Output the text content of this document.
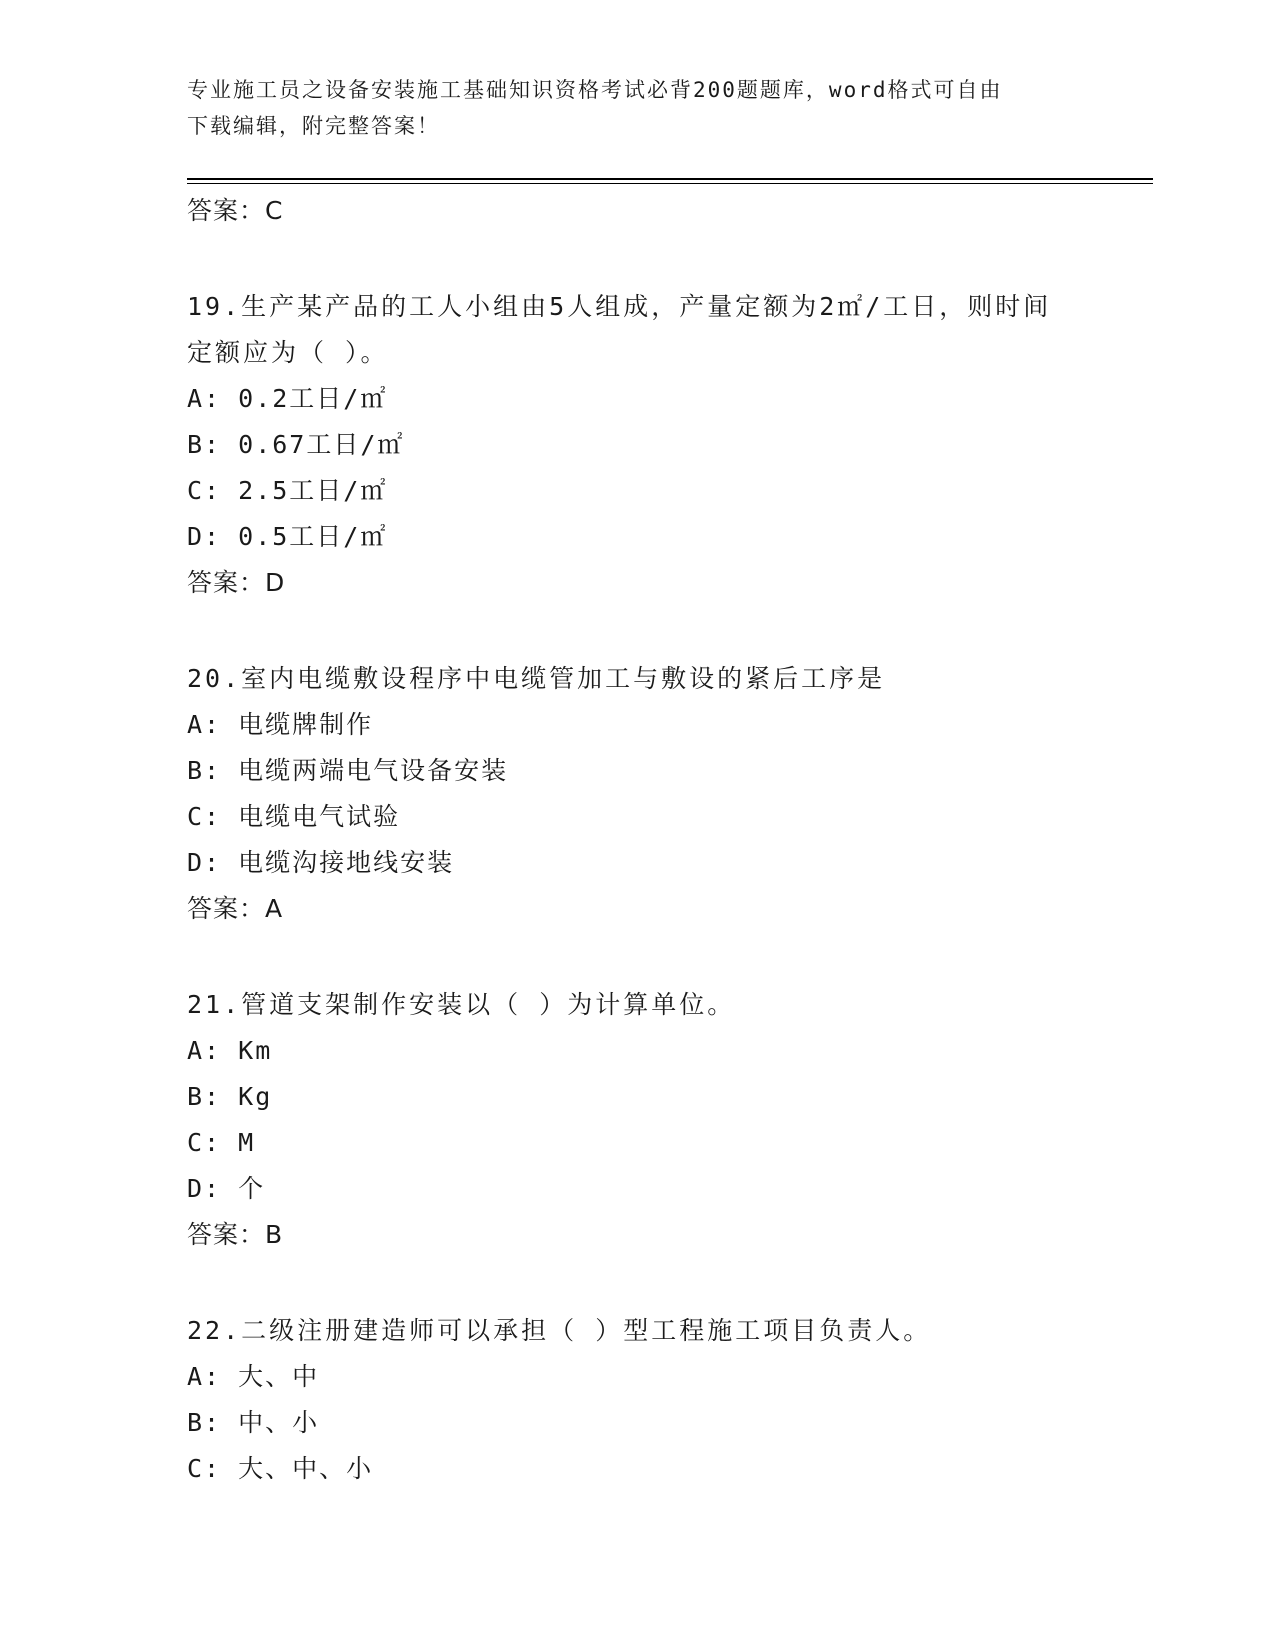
专业施工员之设备安装施工基础知识资格考试必背200题题库，word格式可自由
下载编辑，附完整答案！
答案：C
19.生产某产品的工人小组由5人组成，产量定额为2㎡/工日，则时间
定额应为（ ）。
A: 0.2工日/㎡
B: 0.67工日/㎡
C: 2.5工日/㎡
D: 0.5工日/㎡
答案：D
20.室内电缆敷设程序中电缆管加工与敷设的紧后工序是
A: 电缆牌制作
B: 电缆两端电气设备安装
C: 电缆电气试验
D: 电缆沟接地线安装
答案：A
21.管道支架制作安装以（ ）为计算单位。
A: Km
B: Kg
C: M
D: 个
答案：B
22.二级注册建造师可以承担（ ）型工程施工项目负责人。
A: 大、中
B: 中、小
C: 大、中、小
